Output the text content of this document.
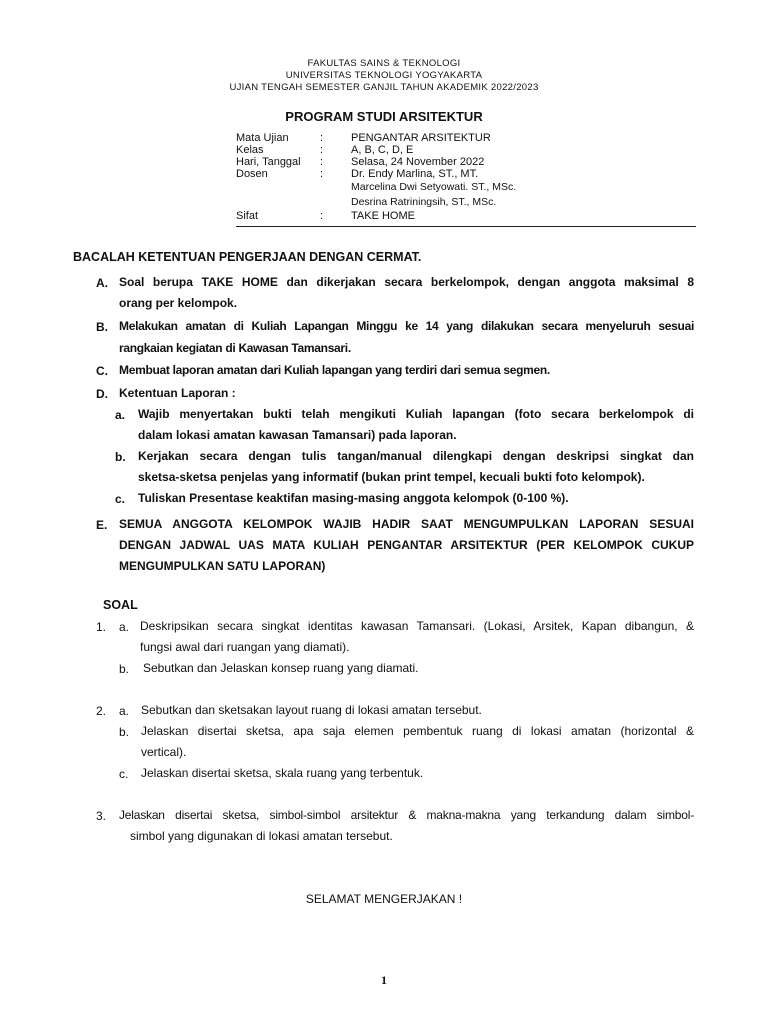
FAKULTAS SAINS & TEKNOLOGI
UNIVERSITAS TEKNOLOGI YOGYAKARTA
UJIAN TENGAH SEMESTER GANJIL TAHUN AKADEMIK 2022/2023
PROGRAM STUDI ARSITEKTUR
Mata Ujian	:	PENGANTAR ARSITEKTUR
Kelas	:	A, B, C, D, E
Hari, Tanggal :	Selasa, 24 November 2022
Dosen	:	Dr. Endy Marlina, ST., MT.
Marcelina Dwi Setyowati. ST., MSc.
Desrina Ratriningsih, ST., MSc.
Sifat	:	TAKE HOME
BACALAH KETENTUAN PENGERJAAN DENGAN CERMAT.
A. Soal berupa TAKE HOME dan dikerjakan secara berkelompok, dengan anggota maksimal 8
orang per kelompok.
B. Melakukan amatan di Kuliah Lapangan Minggu ke 14 yang dilakukan secara menyeluruh sesuai
rangkaian kegiatan di Kawasan Tamansari.
C. Membuat laporan amatan dari Kuliah lapangan yang terdiri dari semua segmen.
D. Ketentuan Laporan :
a. Wajib menyertakan bukti telah mengikuti Kuliah lapangan (foto secara berkelompok di
dalam lokasi amatan kawasan Tamansari) pada laporan.
b. Kerjakan secara dengan tulis tangan/manual dilengkapi dengan deskripsi singkat dan
sketsa-sketsa penjelas yang informatif (bukan print tempel, kecuali bukti foto kelompok).
c. Tuliskan Presentase keaktifan masing-masing anggota kelompok (0-100 %).
E. SEMUA ANGGOTA KELOMPOK WAJIB HADIR SAAT MENGUMPULKAN LAPORAN SESUAI
DENGAN JADWAL UAS MATA KULIAH PENGANTAR ARSITEKTUR (PER KELOMPOK CUKUP
MENGUMPULKAN SATU LAPORAN)
SOAL
1. a. Deskripsikan secara singkat identitas kawasan Tamansari. (Lokasi, Arsitek, Kapan dibangun, &
fungsi awal dari ruangan yang diamati).
b. Sebutkan dan Jelaskan konsep ruang yang diamati.
2. a. Sebutkan dan sketsakan layout ruang di lokasi amatan tersebut.
b. Jelaskan disertai sketsa, apa saja elemen pembentuk ruang di lokasi amatan (horizontal &
vertical).
c. Jelaskan disertai sketsa, skala ruang yang terbentuk.
3. Jelaskan disertai sketsa, simbol-simbol arsitektur & makna-makna yang terkandung dalam simbol-
simbol yang digunakan di lokasi amatan tersebut.
SELAMAT MENGERJAKAN !
1
